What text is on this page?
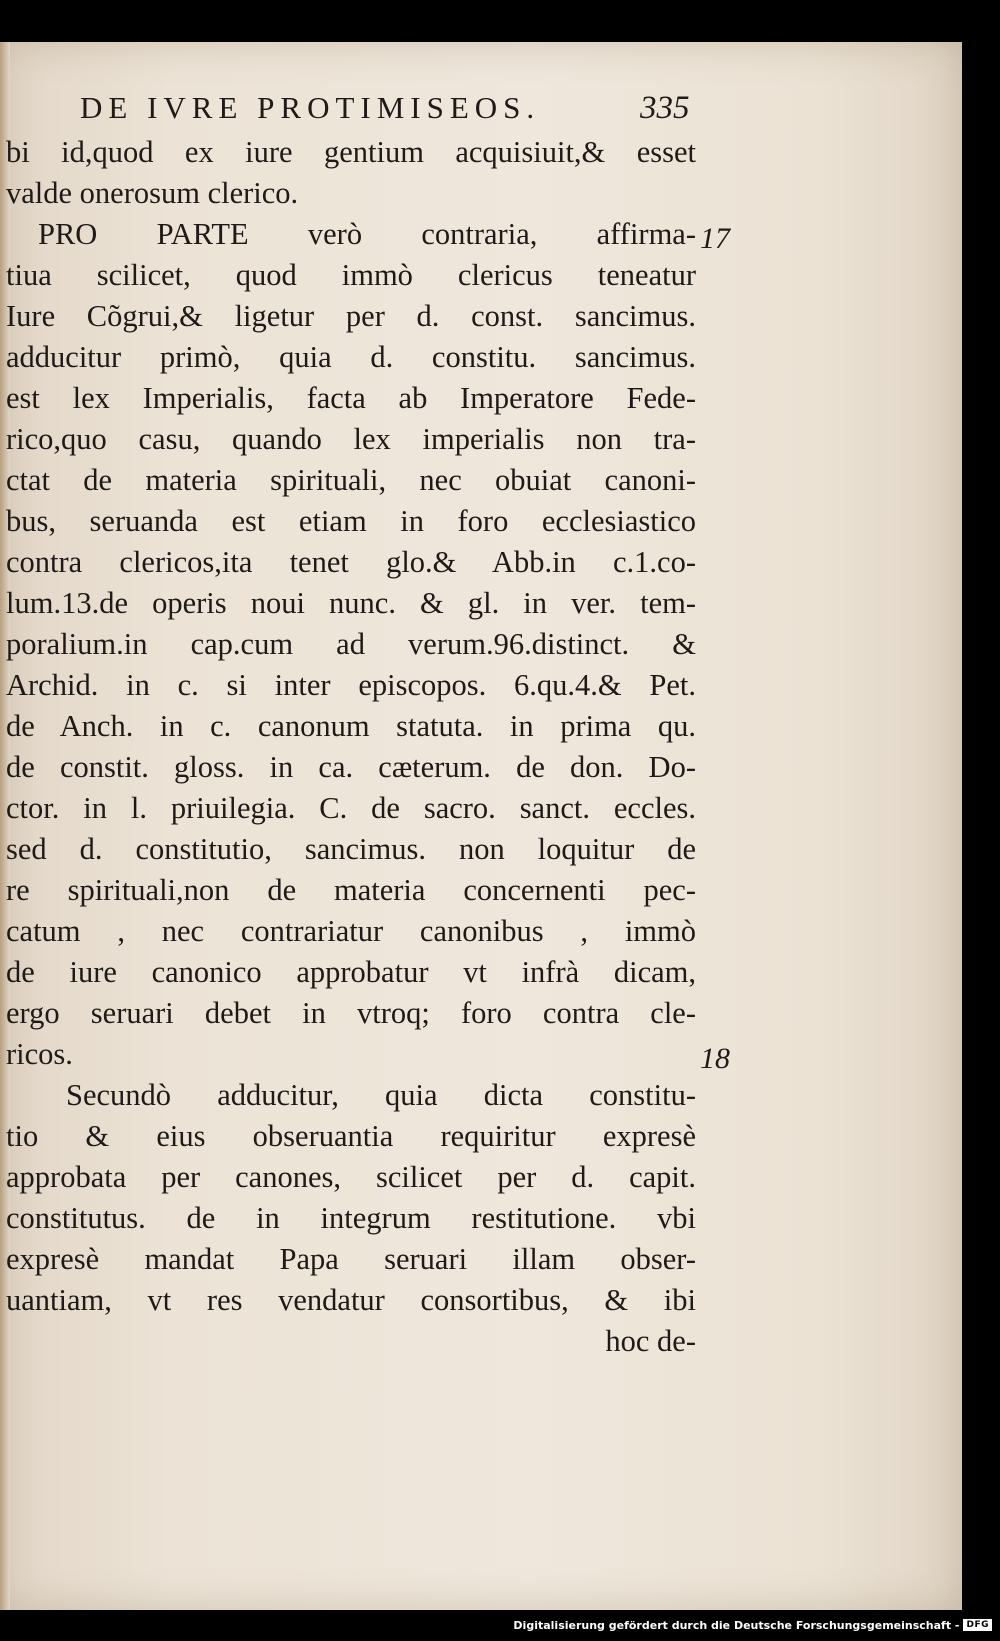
DE IVRE PROTIMISEOS.	335
bi id,quod ex iure gentium acquisiuit,& esset
valde onerosum clerico.
PRO PARTE verò contraria, affirma-
tiua scilicet, quod immò clericus teneatur
Iure Cõgrui,& ligetur per d. const. sancimus.
adducitur primò, quia d. constitu. sancimus.
est lex Imperialis, facta ab Imperatore Fede-
rico,quo casu, quando lex imperialis non tra-
ctat de materia spirituali, nec obuiat canoni-
bus, seruanda est etiam in foro ecclesiastico
contra clericos,ita tenet glo.& Abb.in c.1.co-
lum.13.de operis noui nunc. & gl. in ver. tem-
poralium.in cap.cum ad verum.96.distinct. &
Archid. in c. si inter episcopos. 6.qu.4.& Pet.
de Anch. in c. canonum statuta. in prima qu.
de constit. gloss. in ca. cæterum. de don. Do-
ctor. in l. priuilegia. C. de sacro. sanct. eccles.
sed d. constitutio, sancimus. non loquitur de
re spirituali,non de materia concernenti pec-
catum , nec contrariatur canonibus , immò
de iure canonico approbatur vt infrà dicam,
ergo seruari debet in vtroq; foro contra cle-
ricos.
Secundò adducitur, quia dicta constitu-
tio & eius obseruantia requiritur expresè
approbata per canones, scilicet per d. capit.
constitutus. de in integrum restitutione. vbi
expresè mandat Papa seruari illam obser-
uantiam, vt res vendatur consortibus, & ibi
hoc de-
17
18
Digitalisierung gefördert durch die Deutsche Forschungsgemeinschaft - DFG
